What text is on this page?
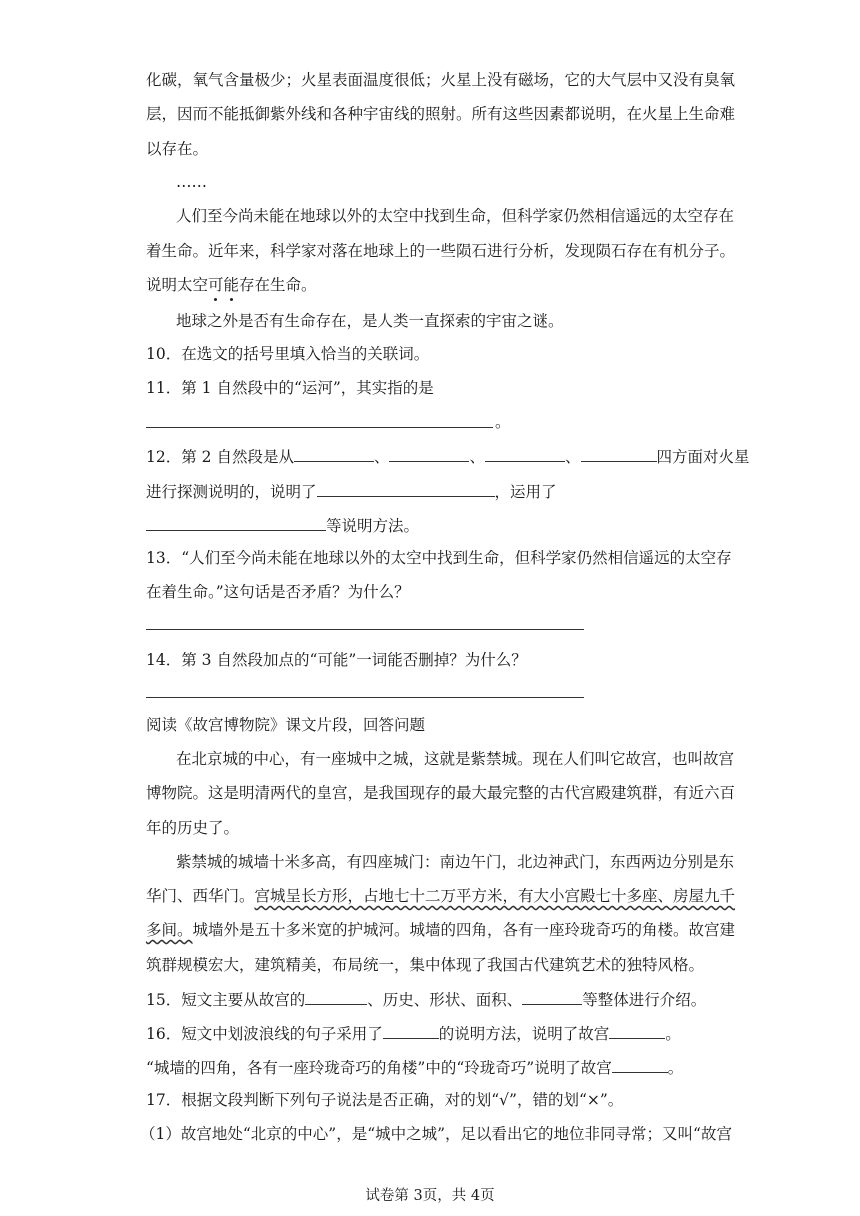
化碳，氧气含量极少；火星表面温度很低；火星上没有磁场，它的大气层中又没有臭氧
层，因而不能抵御紫外线和各种宇宙线的照射。所有这些因素都说明，在火星上生命难
以存在。
……
人们至今尚未能在地球以外的太空中找到生命，但科学家仍然相信遥远的太空存在
着生命。近年来，科学家对落在地球上的一些陨石进行分析，发现陨石存在有机分子。
说明太空可能存在生命。
地球之外是否有生命存在，是人类一直探索的宇宙之谜。
10．在选文的括号里填入恰当的关联词。
11．第 1 自然段中的“运河”，其实指的是
。
12．第 2 自然段是从	、	、	、	四方面对火星
进行探测说明的，说明了	，运用了
等说明方法。
13．“人们至今尚未能在地球以外的太空中找到生命，但科学家仍然相信遥远的太空存
在着生命。”这句话是否矛盾？为什么？
14．第 3 自然段加点的“可能”一词能否删掉？为什么？
阅读《故宫博物院》课文片段，回答问题
在北京城的中心，有一座城中之城，这就是紫禁城。现在人们叫它故宫，也叫故宫
博物院。这是明清两代的皇宫，是我国现存的最大最完整的古代宫殿建筑群，有近六百
年的历史了。
紫禁城的城墙十米多高，有四座城门：南边午门，北边神武门，东西两边分别是东
华门、西华门。宫城呈长方形，占地七十二万平方米，有大小宫殿七十多座、房屋九千
多间。城墙外是五十多米宽的护城河。城墙的四角，各有一座玲珑奇巧的角楼。故宫建
筑群规模宏大，建筑精美，布局统一，集中体现了我国古代建筑艺术的独特风格。
15．短文主要从故宫的	、历史、形状、面积、	等整体进行介绍。
16．短文中划波浪线的句子采用了	的说明方法，说明了故宫	。
“城墙的四角，各有一座玲珑奇巧的角楼”中的“玲珑奇巧”说明了故宫	。
17．根据文段判断下列句子说法是否正确，对的划“√”，错的划“×”。
（1）故宫地处“北京的中心”，是“城中之城”，足以看出它的地位非同寻常；又叫“故宫
试卷第 3页，共 4页
